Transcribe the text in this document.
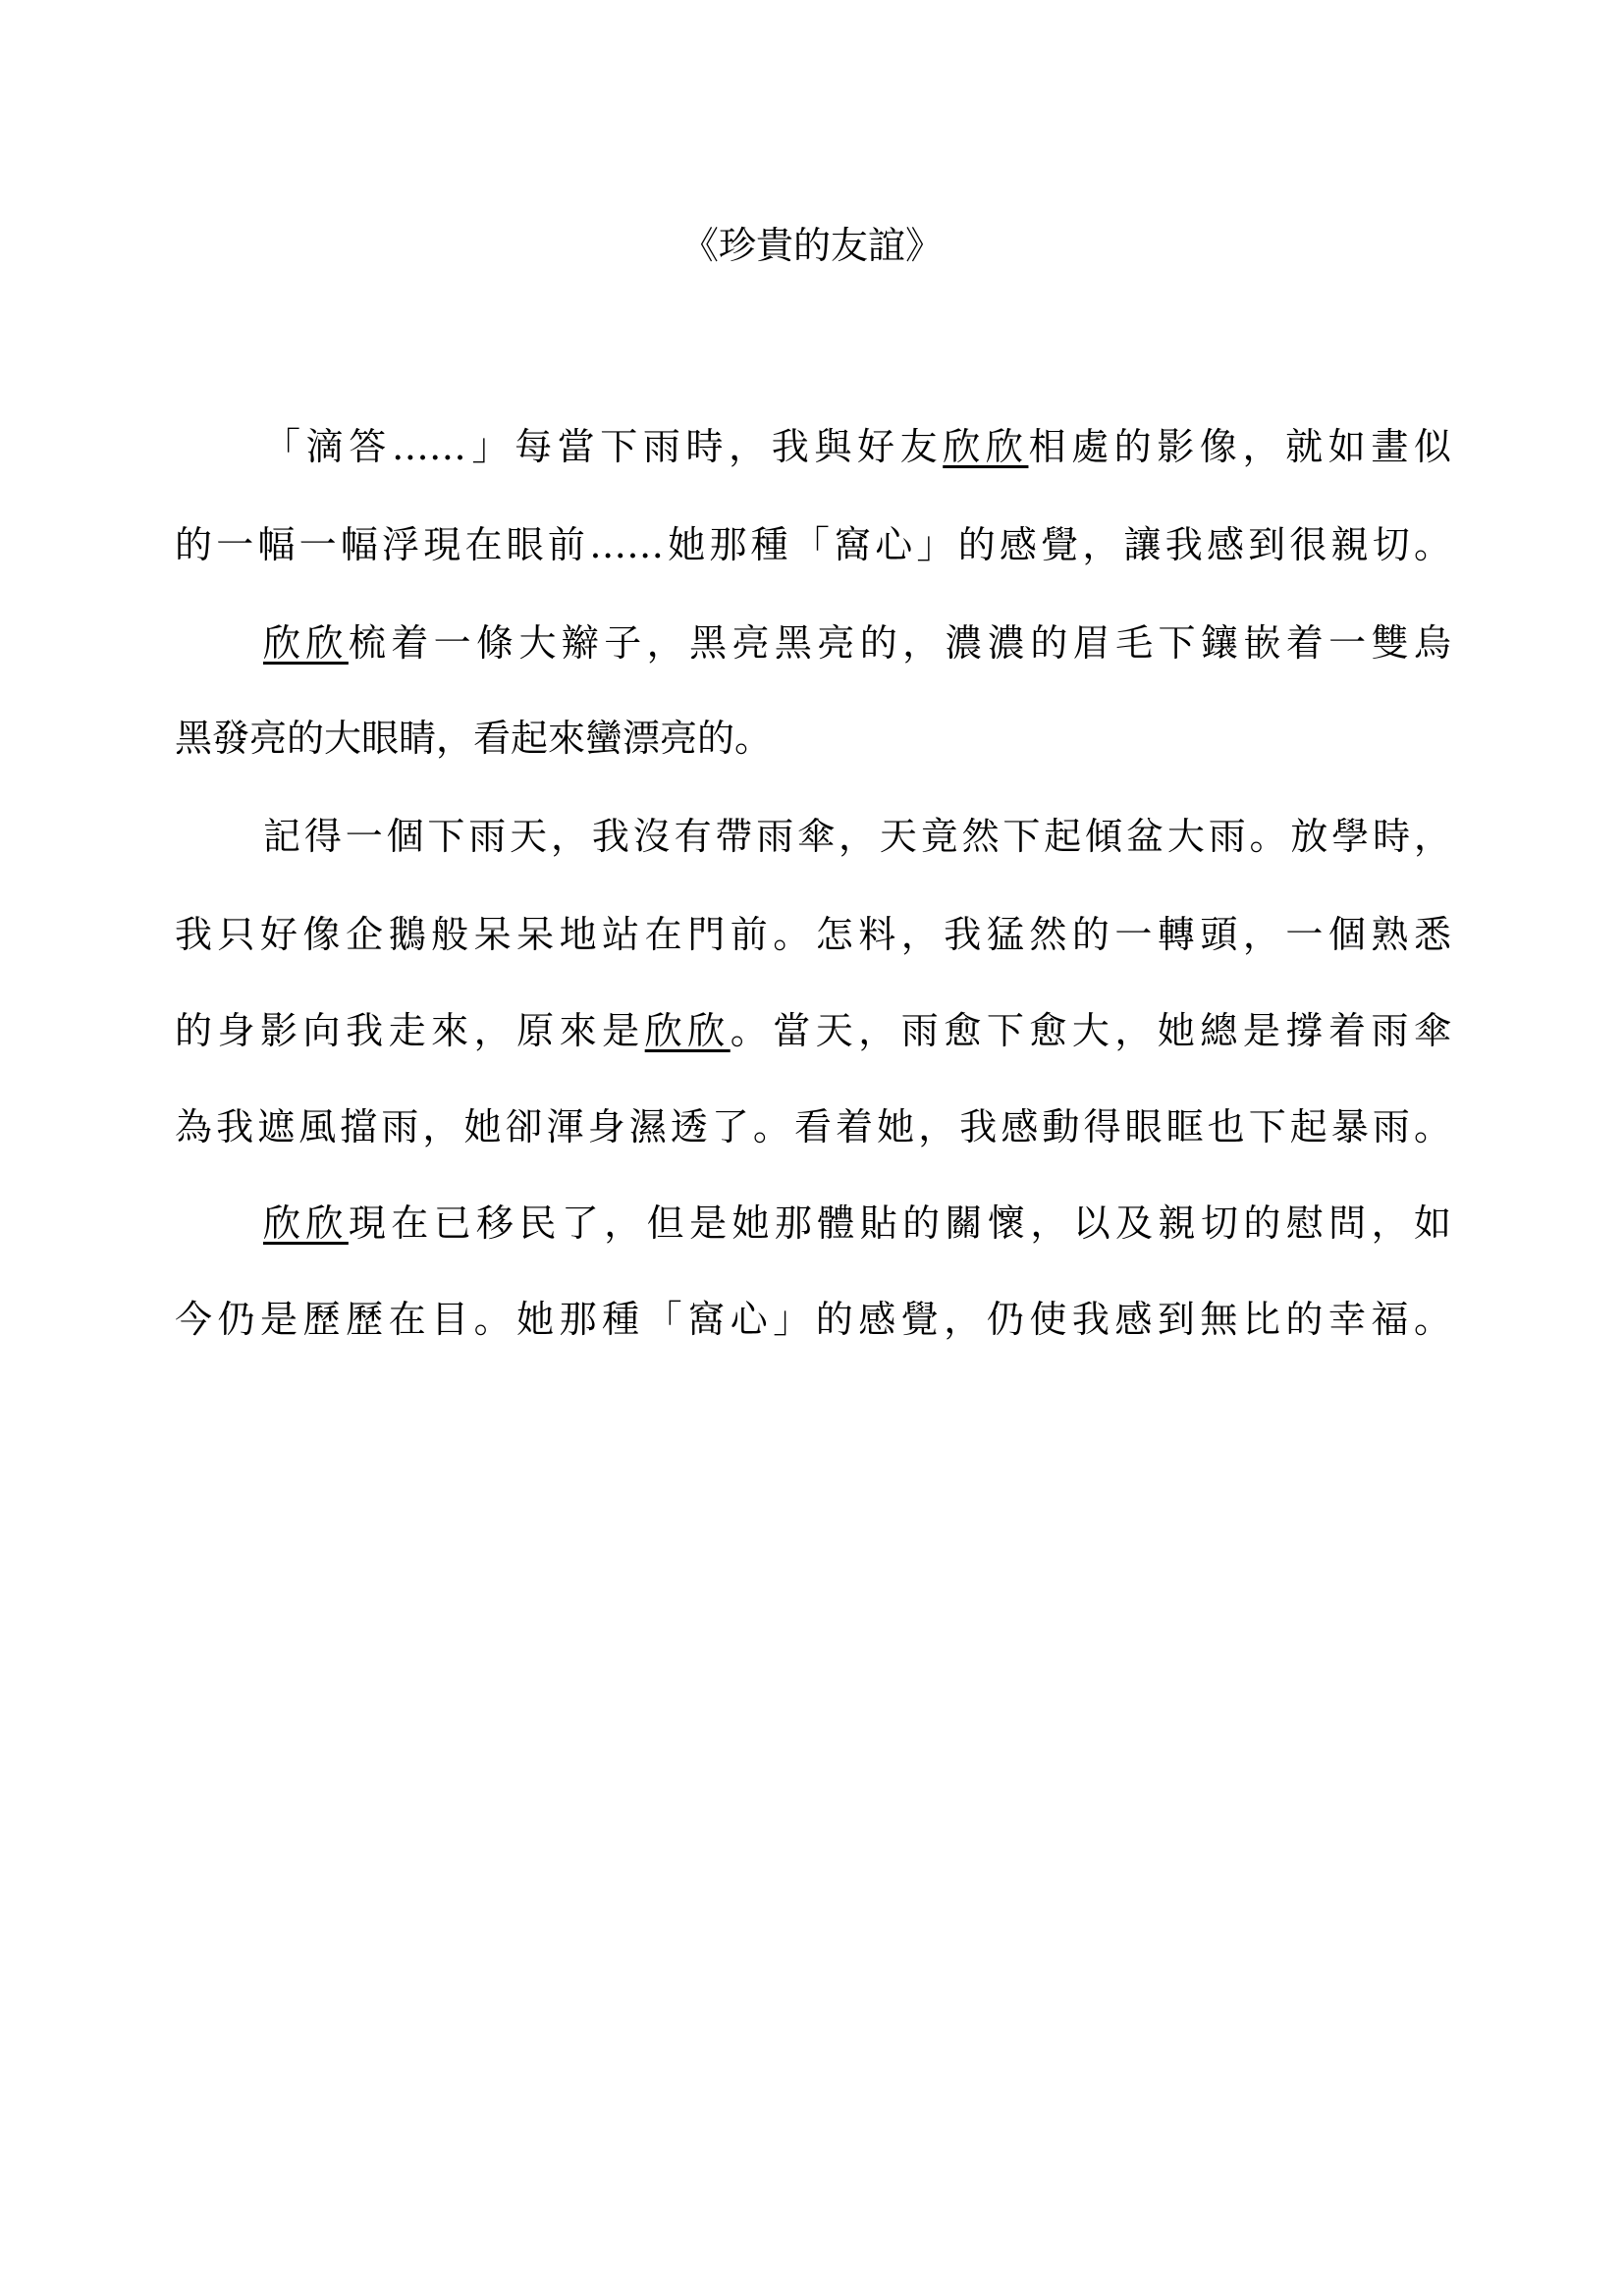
《珍貴的友誼》
「滴答……」每當下雨時，我與好友欣欣相處的影像，就如畫似
的一幅一幅浮現在眼前……她那種「窩心」的感覺，讓我感到很親切。
欣欣梳着一條大辮子，黑亮黑亮的，濃濃的眉毛下鑲嵌着一雙烏
黑發亮的大眼睛，看起來蠻漂亮的。
記得一個下雨天，我沒有帶雨傘，天竟然下起傾盆大雨。放學時，
我只好像企鵝般呆呆地站在門前。怎料，我猛然的一轉頭，一個熟悉
的身影向我走來，原來是欣欣。當天，雨愈下愈大，她總是撐着雨傘
為我遮風擋雨，她卻渾身濕透了。看着她，我感動得眼眶也下起暴雨。
欣欣現在已移民了，但是她那體貼的關懷，以及親切的慰問，如
今仍是歷歷在目。她那種「窩心」的感覺，仍使我感到無比的幸福。
